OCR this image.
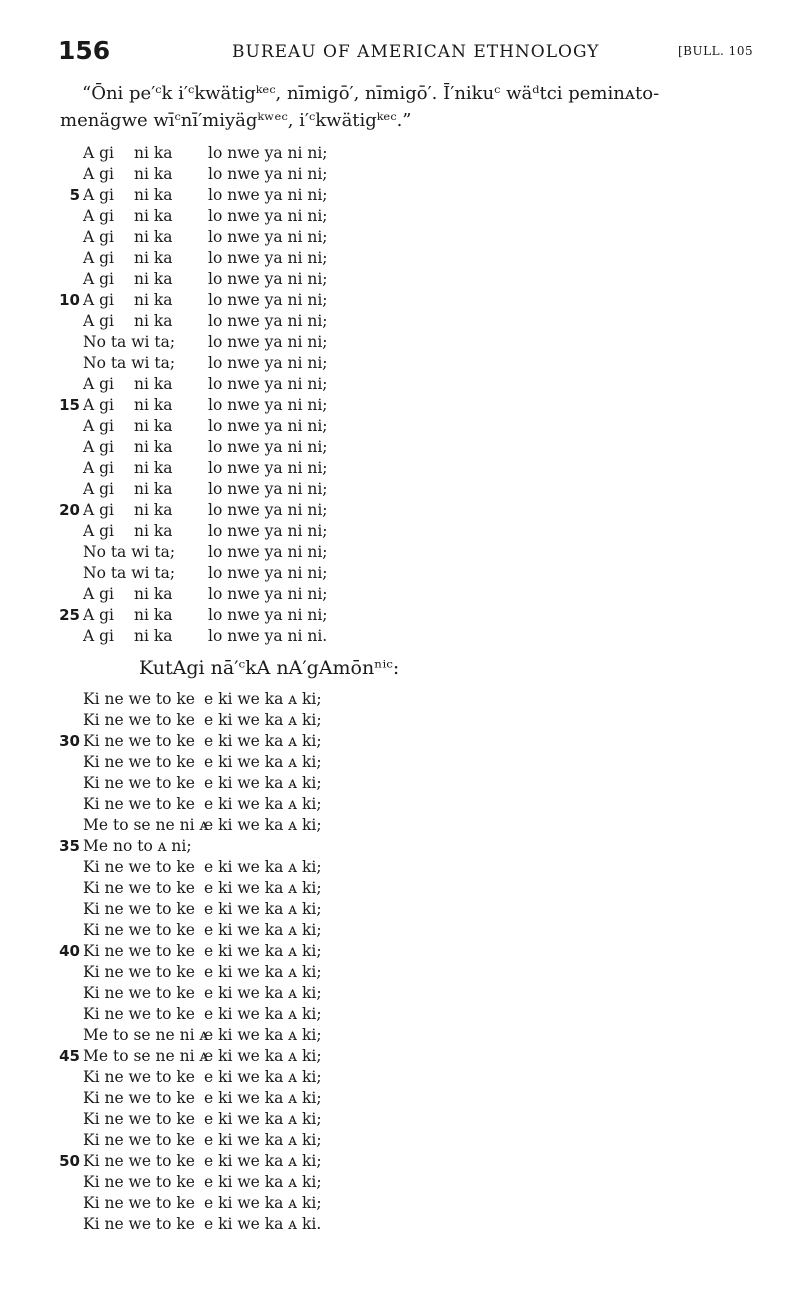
156	BUREAU OF AMERICAN ETHNOLOGY	[BULL. 105
“Ōni pe′ᶜk i′ᶜkwätigᵏᵉᶜ, nīmigō′, nīmigō′. Ī′nikuᶜ wäᵈtci peminᴀto-
menägwe wīᶜnī′miyägᵏʷᵉᶜ, i′ᶜkwätigᵏᵉᶜ.”
A gi ni ka lo nwe ya ni ni;
A gi ni ka lo nwe ya ni ni;
5 A gi ni ka lo nwe ya ni ni;
A gi ni ka lo nwe ya ni ni;
A gi ni ka lo nwe ya ni ni;
A gi ni ka lo nwe ya ni ni;
A gi ni ka lo nwe ya ni ni;
10 A gi ni ka lo nwe ya ni ni;
A gi ni ka lo nwe ya ni ni;
No ta wi ta; lo nwe ya ni ni;
No ta wi ta; lo nwe ya ni ni;
A gi ni ka lo nwe ya ni ni;
15 A gi ni ka lo nwe ya ni ni;
A gi ni ka lo nwe ya ni ni;
A gi ni ka lo nwe ya ni ni;
A gi ni ka lo nwe ya ni ni;
A gi ni ka lo nwe ya ni ni;
20 A gi ni ka lo nwe ya ni ni;
A gi ni ka lo nwe ya ni ni;
No ta wi ta; lo nwe ya ni ni;
No ta wi ta; lo nwe ya ni ni;
A gi ni ka lo nwe ya ni ni;
25 A gi ni ka lo nwe ya ni ni;
A gi ni ka lo nwe ya ni ni.
KutAgi nā′ᶜkA nA′gAmōnⁿⁱᶜ:
Ki ne we to ke e ki we ka ᴀ ki;
Ki ne we to ke e ki we ka ᴀ ki;
30 Ki ne we to ke e ki we ka ᴀ ki;
Ki ne we to ke e ki we ka ᴀ ki;
Ki ne we to ke e ki we ka ᴀ ki;
Ki ne we to ke e ki we ka ᴀ ki;
Me to se ne ni ᴀ
e ki we ka ᴀ ki;
35 Me no to ᴀ ni;
Ki ne we to ke e ki we ka ᴀ ki;
Ki ne we to ke e ki we ka ᴀ ki;
Ki ne we to ke e ki we ka ᴀ ki;
Ki ne we to ke e ki we ka ᴀ ki;
40 Ki ne we to ke e ki we ka ᴀ ki;
Ki ne we to ke e ki we ka ᴀ ki;
Ki ne we to ke e ki we ka ᴀ ki;
Ki ne we to ke e ki we ka ᴀ ki;
Me to se ne ni ᴀ
e ki we ka ᴀ ki;
45 Me to se ne ni ᴀ
e ki we ka ᴀ ki;
Ki ne we to ke e ki we ka ᴀ ki;
Ki ne we to ke e ki we ka ᴀ ki;
Ki ne we to ke e ki we ka ᴀ ki;
Ki ne we to ke e ki we ka ᴀ ki;
50 Ki ne we to ke e ki we ka ᴀ ki;
Ki ne we to ke e ki we ka ᴀ ki;
Ki ne we to ke e ki we ka ᴀ ki;
Ki ne we to ke e ki we ka ᴀ ki.
